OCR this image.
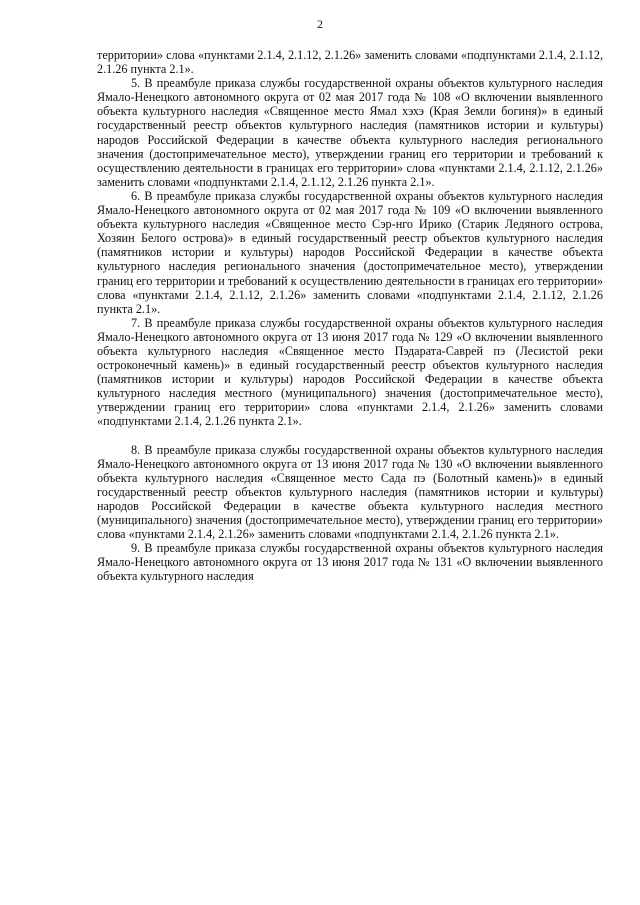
2

территории» слова «пунктами 2.1.4, 2.1.12, 2.1.26» заменить словами «подпунктами 2.1.4, 2.1.12, 2.1.26 пункта 2.1».

5. В преамбуле приказа службы государственной охраны объектов культурного наследия Ямало-Ненецкого автономного округа от 02 мая 2017 года № 108 «О включении выявленного объекта культурного наследия «Священное место Ямал хэхэ (Края Земли богиня)» в единый государственный реестр объектов культурного наследия (памятников истории и культуры) народов Российской Федерации в качестве объекта культурного наследия регионального значения (достопримечательное место), утверждении границ его территории и требований к осуществлению деятельности в границах его территории» слова «пунктами 2.1.4, 2.1.12, 2.1.26» заменить словами «подпунктами 2.1.4, 2.1.12, 2.1.26 пункта 2.1».

6. В преамбуле приказа службы государственной охраны объектов культурного наследия Ямало-Ненецкого автономного округа от 02 мая 2017 года № 109 «О включении выявленного объекта культурного наследия «Священное место Сэр-нго Ирико (Старик Ледяного острова, Хозяин Белого острова)» в единый государственный реестр объектов культурного наследия (памятников истории и культуры) народов Российской Федерации в качестве объекта культурного наследия регионального значения (достопримечательное место), утверждении границ его территории и требований к осуществлению деятельности в границах его территории» слова «пунктами 2.1.4, 2.1.12, 2.1.26» заменить словами «подпунктами 2.1.4, 2.1.12, 2.1.26 пункта 2.1».

7. В преамбуле приказа службы государственной охраны объектов культурного наследия Ямало-Ненецкого автономного округа от 13 июня 2017 года № 129 «О включении выявленного объекта культурного наследия «Священное место Пэдарата-Саврей пэ (Лесистой реки остроконечный камень)» в единый государственный реестр объектов культурного наследия (памятников истории и культуры) народов Российской Федерации в качестве объекта культурного наследия местного (муниципального) значения (достопримечательное место), утверждении границ его территории» слова «пунктами 2.1.4, 2.1.26» заменить словами «подпунктами 2.1.4, 2.1.26 пункта 2.1».

8. В преамбуле приказа службы государственной охраны объектов культурного наследия Ямало-Ненецкого автономного округа от 13 июня 2017 года № 130 «О включении выявленного объекта культурного наследия «Священное место Сада пэ (Болотный камень)» в единый государственный реестр объектов культурного наследия (памятников истории и культуры) народов Российской Федерации в качестве объекта культурного наследия местного (муниципального) значения (достопримечательное место), утверждении границ его территории» слова «пунктами 2.1.4, 2.1.26» заменить словами «подпунктами 2.1.4, 2.1.26 пункта 2.1».

9. В преамбуле приказа службы государственной охраны объектов культурного наследия Ямало-Ненецкого автономного округа от 13 июня 2017 года № 131 «О включении выявленного объекта культурного наследия
